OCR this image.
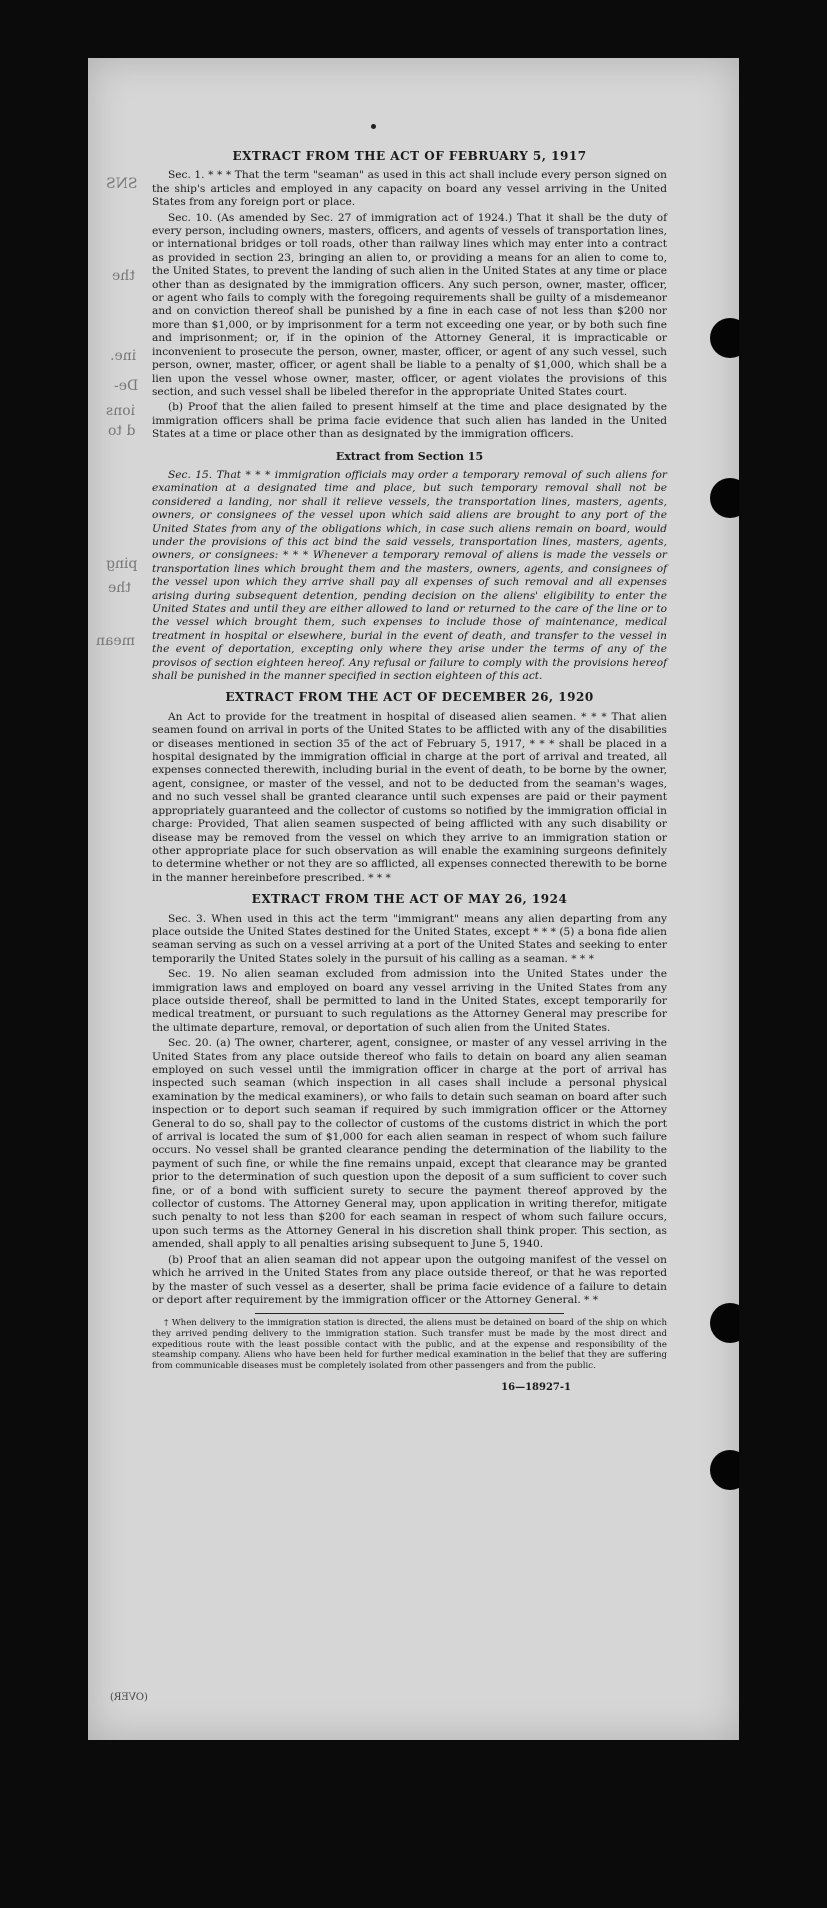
EXTRACT FROM THE ACT OF FEBRUARY 5, 1917

Sec. 1. * * * That the term "seaman" as used in this act shall include every person signed on the ship's articles and employed in any capacity on board any vessel arriving in the United States from any foreign port or place.

Sec. 10. (As amended by Sec. 27 of immigration act of 1924.) That it shall be the duty of every person, including owners, masters, officers, and agents of vessels of transportation lines, or international bridges or toll roads, other than railway lines which may enter into a contract as provided in section 23, bringing an alien to, or providing a means for an alien to come to, the United States, to prevent the landing of such alien in the United States at any time or place other than as designated by the immigration officers. Any such person, owner, master, officer, or agent who fails to comply with the foregoing requirements shall be guilty of a misdemeanor and on conviction thereof shall be punished by a fine in each case of not less than $200 nor more than $1,000, or by imprisonment for a term not exceeding one year, or by both such fine and imprisonment; or, if in the opinion of the Attorney General, it is impracticable or inconvenient to prosecute the person, owner, master, officer, or agent of any such vessel, such person, owner, master, officer, or agent shall be liable to a penalty of $1,000, which shall be a lien upon the vessel whose owner, master, officer, or agent violates the provisions of this section, and such vessel shall be libeled therefor in the appropriate United States court.

(b) Proof that the alien failed to present himself at the time and place designated by the immigration officers shall be prima facie evidence that such alien has landed in the United States at a time or place other than as designated by the immigration officers.

Extract from Section 15

Sec. 15. That * * * immigration officials may order a temporary removal of such aliens for examination at a designated time and place, but such temporary removal shall not be considered a landing, nor shall it relieve vessels, the transportation lines, masters, agents, owners, or consignees of the vessel upon which said aliens are brought to any port of the United States from any of the obligations which, in case such aliens remain on board, would under the provisions of this act bind the said vessels, transportation lines, masters, agents, owners, or consignees: * * * Whenever a temporary removal of aliens is made the vessels or transportation lines which brought them and the masters, owners, agents, and consignees of the vessel upon which they arrive shall pay all expenses of such removal and all expenses arising during subsequent detention, pending decision on the aliens' eligibility to enter the United States and until they are either allowed to land or returned to the care of the line or to the vessel which brought them, such expenses to include those of maintenance, medical treatment in hospital or elsewhere, burial in the event of death, and transfer to the vessel in the event of deportation, excepting only where they arise under the terms of any of the provisos of section eighteen hereof. Any refusal or failure to comply with the provisions hereof shall be punished in the manner specified in section eighteen of this act.

EXTRACT FROM THE ACT OF DECEMBER 26, 1920

An Act to provide for the treatment in hospital of diseased alien seamen. * * * That alien seamen found on arrival in ports of the United States to be afflicted with any of the disabilities or diseases mentioned in section 35 of the act of February 5, 1917, * * * shall be placed in a hospital designated by the immigration official in charge at the port of arrival and treated, all expenses connected therewith, including burial in the event of death, to be borne by the owner, agent, consignee, or master of the vessel, and not to be deducted from the seaman's wages, and no such vessel shall be granted clearance until such expenses are paid or their payment appropriately guaranteed and the collector of customs so notified by the immigration official in charge: Provided, That alien seamen suspected of being afflicted with any such disability or disease may be removed from the vessel on which they arrive to an immigration station or other appropriate place for such observation as will enable the examining surgeons definitely to determine whether or not they are so afflicted, all expenses connected therewith to be borne in the manner hereinbefore prescribed. * * *

EXTRACT FROM THE ACT OF MAY 26, 1924

Sec. 3. When used in this act the term "immigrant" means any alien departing from any place outside the United States destined for the United States, except * * * (5) a bona fide alien seaman serving as such on a vessel arriving at a port of the United States and seeking to enter temporarily the United States solely in the pursuit of his calling as a seaman. * * *

Sec. 19. No alien seaman excluded from admission into the United States under the immigration laws and employed on board any vessel arriving in the United States from any place outside thereof, shall be permitted to land in the United States, except temporarily for medical treatment, or pursuant to such regulations as the Attorney General may prescribe for the ultimate departure, removal, or deportation of such alien from the United States.

Sec. 20. (a) The owner, charterer, agent, consignee, or master of any vessel arriving in the United States from any place outside thereof who fails to detain on board any alien seaman employed on such vessel until the immigration officer in charge at the port of arrival has inspected such seaman (which inspection in all cases shall include a personal physical examination by the medical examiners), or who fails to detain such seaman on board after such inspection or to deport such seaman if required by such immigration officer or the Attorney General to do so, shall pay to the collector of customs of the customs district in which the port of arrival is located the sum of $1,000 for each alien seaman in respect of whom such failure occurs. No vessel shall be granted clearance pending the determination of the liability to the payment of such fine, or while the fine remains unpaid, except that clearance may be granted prior to the determination of such question upon the deposit of a sum sufficient to cover such fine, or of a bond with sufficient surety to secure the payment thereof approved by the collector of customs. The Attorney General may, upon application in writing therefor, mitigate such penalty to not less than $200 for each seaman in respect of whom such failure occurs, upon such terms as the Attorney General in his discretion shall think proper. This section, as amended, shall apply to all penalties arising subsequent to June 5, 1940.

(b) Proof that an alien seaman did not appear upon the outgoing manifest of the vessel on which he arrived in the United States from any place outside thereof, or that he was reported by the master of such vessel as a deserter, shall be prima facie evidence of a failure to detain or deport after requirement by the immigration officer or the Attorney General. * *

† When delivery to the immigration station is directed, the aliens must be detained on board of the ship on which they arrived pending delivery to the immigration station. Such transfer must be made by the most direct and expeditious route with the least possible contact with the public, and at the expense and responsibility of the steamship company. Aliens who have been held for further medical examination in the belief that they are suffering from communicable diseases must be completely isolated from other passengers and from the public.

16—18927-1
(OVER)
SNS
the
ine.
De-
ions
d to
ping
the
mean
